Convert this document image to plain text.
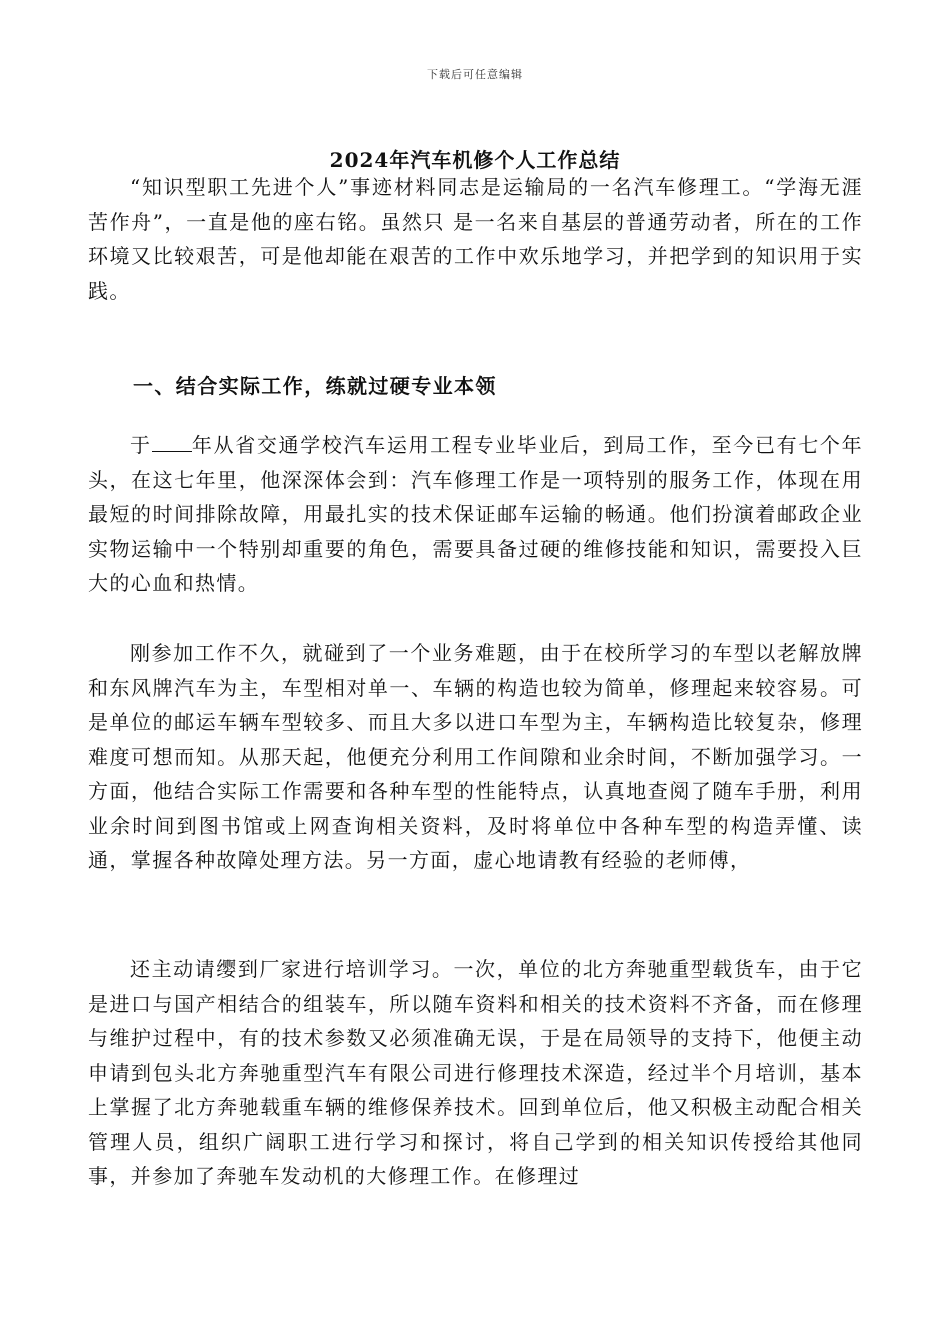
下载后可任意编辑
2024年汽车机修个人工作总结

“知识型职工先进个人”事迹材料同志是运输局的一名汽车修理工。“学海无涯苦作舟”，一直是他的座右铭。虽然只 是一名来自基层的普通劳动者，所在的工作环境又比较艰苦，可是他却能在艰苦的工作中欢乐地学习，并把学到的知识用于实践。

一、结合实际工作，练就过硬专业本领

于 年从省交通学校汽车运用工程专业毕业后，到局工作，至今已有七个年头，在这七年里，他深深体会到：汽车修理工作是一项特别的服务工作，体现在用最短的时间排除故障，用最扎实的技术保证邮车运输的畅通。他们扮演着邮政企业实物运输中一个特别却重要的角色，需要具备过硬的维修技能和知识，需要投入巨大的心血和热情。

刚参加工作不久，就碰到了一个业务难题，由于在校所学习的车型以老解放牌和东风牌汽车为主，车型相对单一、车辆的构造也较为简单，修理起来较容易。可是单位的邮运车辆车型较多、而且大多以进口车型为主，车辆构造比较复杂，修理难度可想而知。从那天起，他便充分利用工作间隙和业余时间，不断加强学习。一方面，他结合实际工作需要和各种车型的性能特点，认真地查阅了随车手册，利用业余时间到图书馆或上网查询相关资料，及时将单位中各种车型的构造弄懂、读通，掌握各种故障处理方法。另一方面，虚心地请教有经验的老师傅，

还主动请缨到厂家进行培训学习。一次，单位的北方奔驰重型载货车，由于它是进口与国产相结合的组装车，所以随车资料和相关的技术资料不齐备，而在修理与维护过程中，有的技术参数又必须准确无误，于是在局领导的支持下，他便主动申请到包头北方奔驰重型汽车有限公司进行修理技术深造，经过半个月培训，基本上掌握了北方奔驰载重车辆的维修保养技术。回到单位后，他又积极主动配合相关管理人员，组织广阔职工进行学习和探讨，将自己学到的相关知识传授给其他同事，并参加了奔驰车发动机的大修理工作。在修理过
